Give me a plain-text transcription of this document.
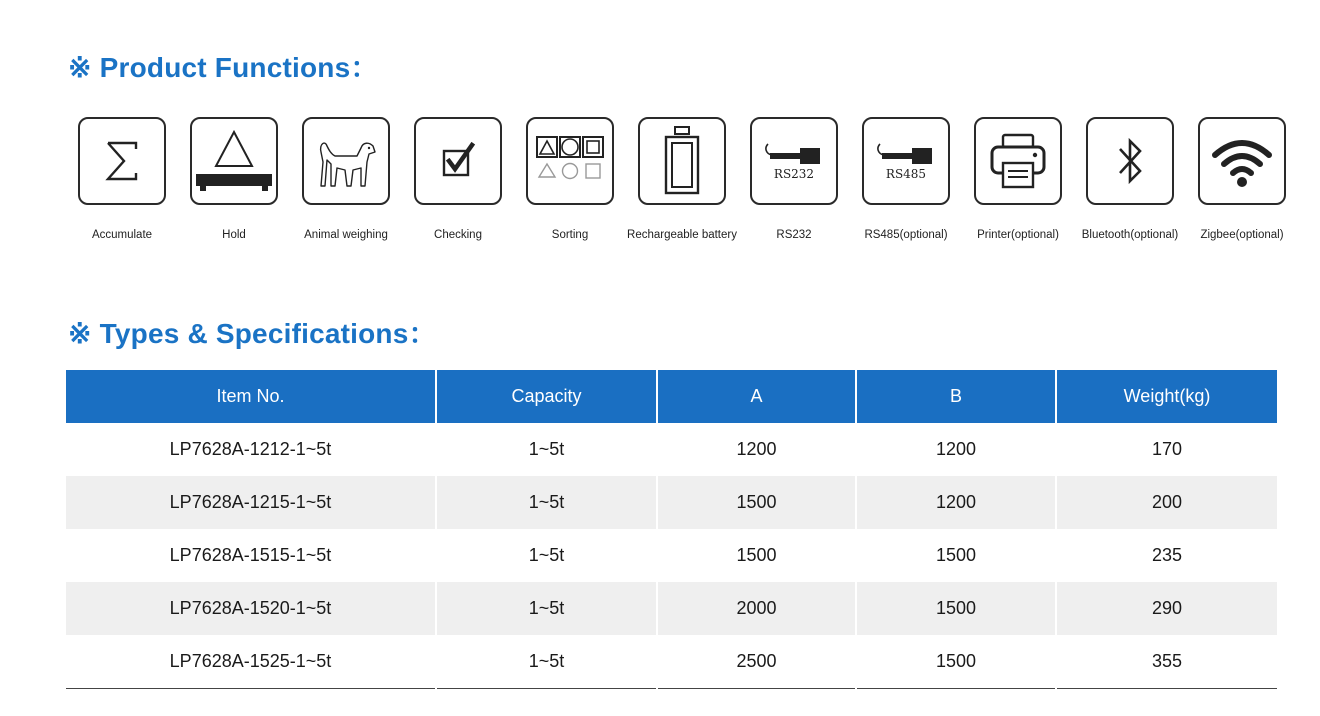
※ Product Functions：
Accumulate	Hold	Animal weighing	Checking	Sorting	Rechargeable battery
RS232
RS232
RS485
RS485(optional)	Printer(optional)	Bluetooth(optional)	Zigbee(optional)
※ Types & Specifications：
Item No.	Capacity	A	B	Weight(kg)
LP7628A-1212-1~5t	1~5t	1200	1200	170
LP7628A-1215-1~5t	1~5t	1500	1200	200
LP7628A-1515-1~5t	1~5t	1500	1500	235
LP7628A-1520-1~5t	1~5t	2000	1500	290
LP7628A-1525-1~5t	1~5t	2500	1500	355
